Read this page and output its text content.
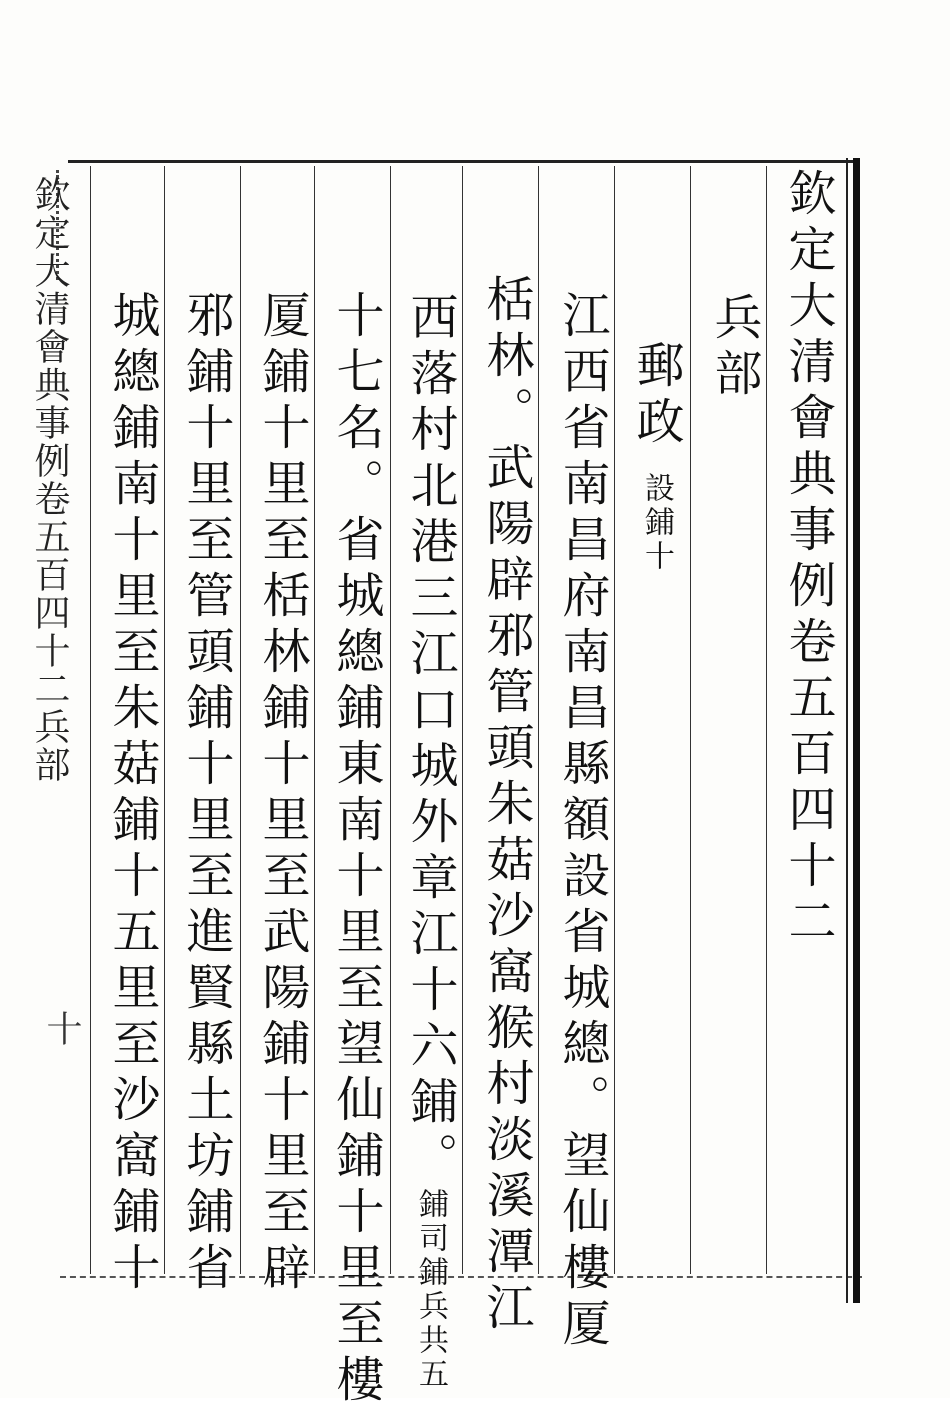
欽定大清會典事例卷五百四十二
兵部
郵政設鋪十
江西省南昌府南昌縣額設省城總。望仙樓厦
栝林。武陽辟邪管頭朱菇沙窩猴村淡溪潭江
西落村北港三江口城外章江十六鋪。鋪司鋪兵共五
十七名。省城總鋪東南十里至望仙鋪十里至樓
厦鋪十里至栝林鋪十里至武陽鋪十里至辟
邪鋪十里至管頭鋪十里至進賢縣土坊鋪省
城總鋪南十里至朱菇鋪十五里至沙窩鋪十
欽定大清會典事例卷五百四十二兵部
十
